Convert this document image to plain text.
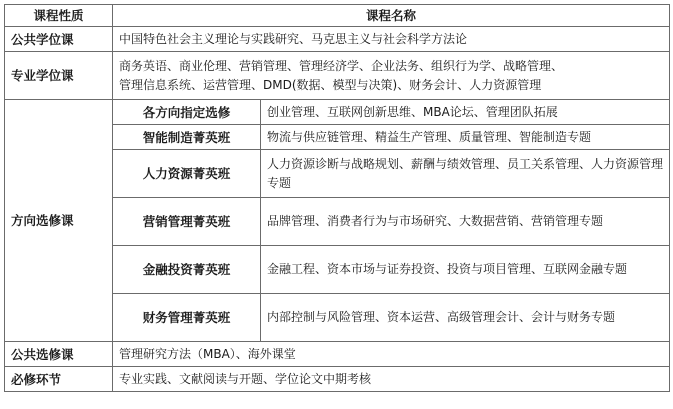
课程性质	课程名称	
公共学位课	中国特色社会主义理论与实践研究、马克思主义与社会科学方法论	
专业学位课	商务英语、商业伦理、营销管理、管理经济学、企业法务、组织行为学、战略管理、
管理信息系统、运营管理、DMD(数据、模型与决策)、财务会计、人力资源管理	

方向选修课	各方向指定选修	创业管理、互联网创新思维、MBA论坛、管理团队拓展
	智能制造菁英班	物流与供应链管理、精益生产管理、质量管理、智能制造专题
	人力资源菁英班	人力资源诊断与战略规划、薪酬与绩效管理、员工关系管理、人力资源管理专题
	营销管理菁英班	品牌管理、消费者行为与市场研究、大数据营销、营销管理专题
	金融投资菁英班	金融工程、资本市场与证券投资、投资与项目管理、互联网金融专题
	财务管理菁英班	内部控制与风险管理、资本运营、高级管理会计、会计与财务专题
公共选修课	管理研究方法（MBA）、海外课堂	
必修环节	专业实践、文献阅读与开题、学位论文中期考核	
